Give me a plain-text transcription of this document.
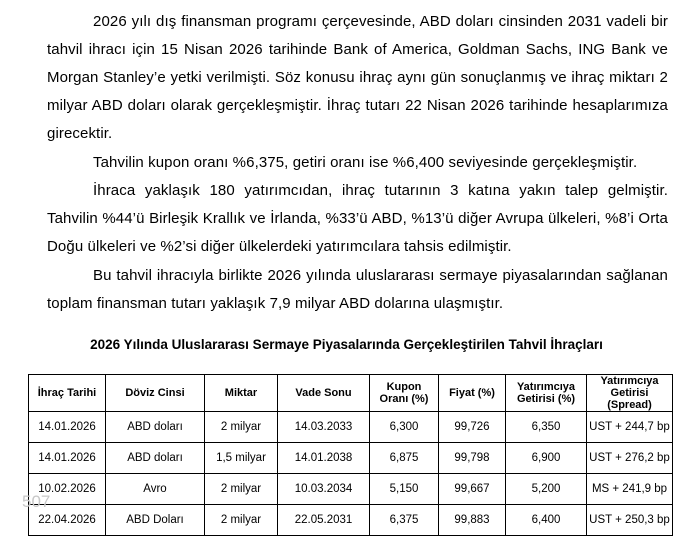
2026 yılı dış finansman programı çerçevesinde, ABD doları cinsinden 2031 vadeli bir tahvil ihracı için 15 Nisan 2026 tarihinde Bank of America, Goldman Sachs, ING Bank ve Morgan Stanley’e yetki verilmişti. Söz konusu ihraç aynı gün sonuçlanmış ve ihraç miktarı 2 milyar ABD doları olarak gerçekleşmiştir. İhraç tutarı 22 Nisan 2026 tarihinde hesaplarımıza girecektir.

Tahvilin kupon oranı %6,375, getiri oranı ise %6,400 seviyesinde gerçekleşmiştir.

İhraca yaklaşık 180 yatırımcıdan, ihraç tutarının 3 katına yakın talep gelmiştir. Tahvilin %44’ü Birleşik Krallık ve İrlanda, %33’ü ABD, %13’ü diğer Avrupa ülkeleri, %8’i Orta Doğu ülkeleri ve %2’si diğer ülkelerdeki yatırımcılara tahsis edilmiştir.

Bu tahvil ihracıyla birlikte 2026 yılında uluslararası sermaye piyasalarından sağlanan toplam finansman tutarı yaklaşık 7,9 milyar ABD dolarına ulaşmıştır.

2026 Yılında Uluslararası Sermaye Piyasalarında Gerçekleştirilen Tahvil İhraçları
İhraç Tarihi	Döviz Cinsi	Miktar	Vade Sonu	Kupon Oranı (%)	Fiyat (%)	Yatırımcıya Getirisi (%)	Yatırımcıya Getirisi (Spread)
14.01.2026	ABD doları	2 milyar	14.03.2033	6,300	99,726	6,350	UST + 244,7 bp
14.01.2026	ABD doları	1,5 milyar	14.01.2038	6,875	99,798	6,900	UST + 276,2 bp
10.02.2026	Avro	2 milyar	10.03.2034	5,150	99,667	5,200	MS + 241,9 bp
22.04.2026	ABD Doları	2 milyar	22.05.2031	6,375	99,883	6,400	UST + 250,3 bp
507
